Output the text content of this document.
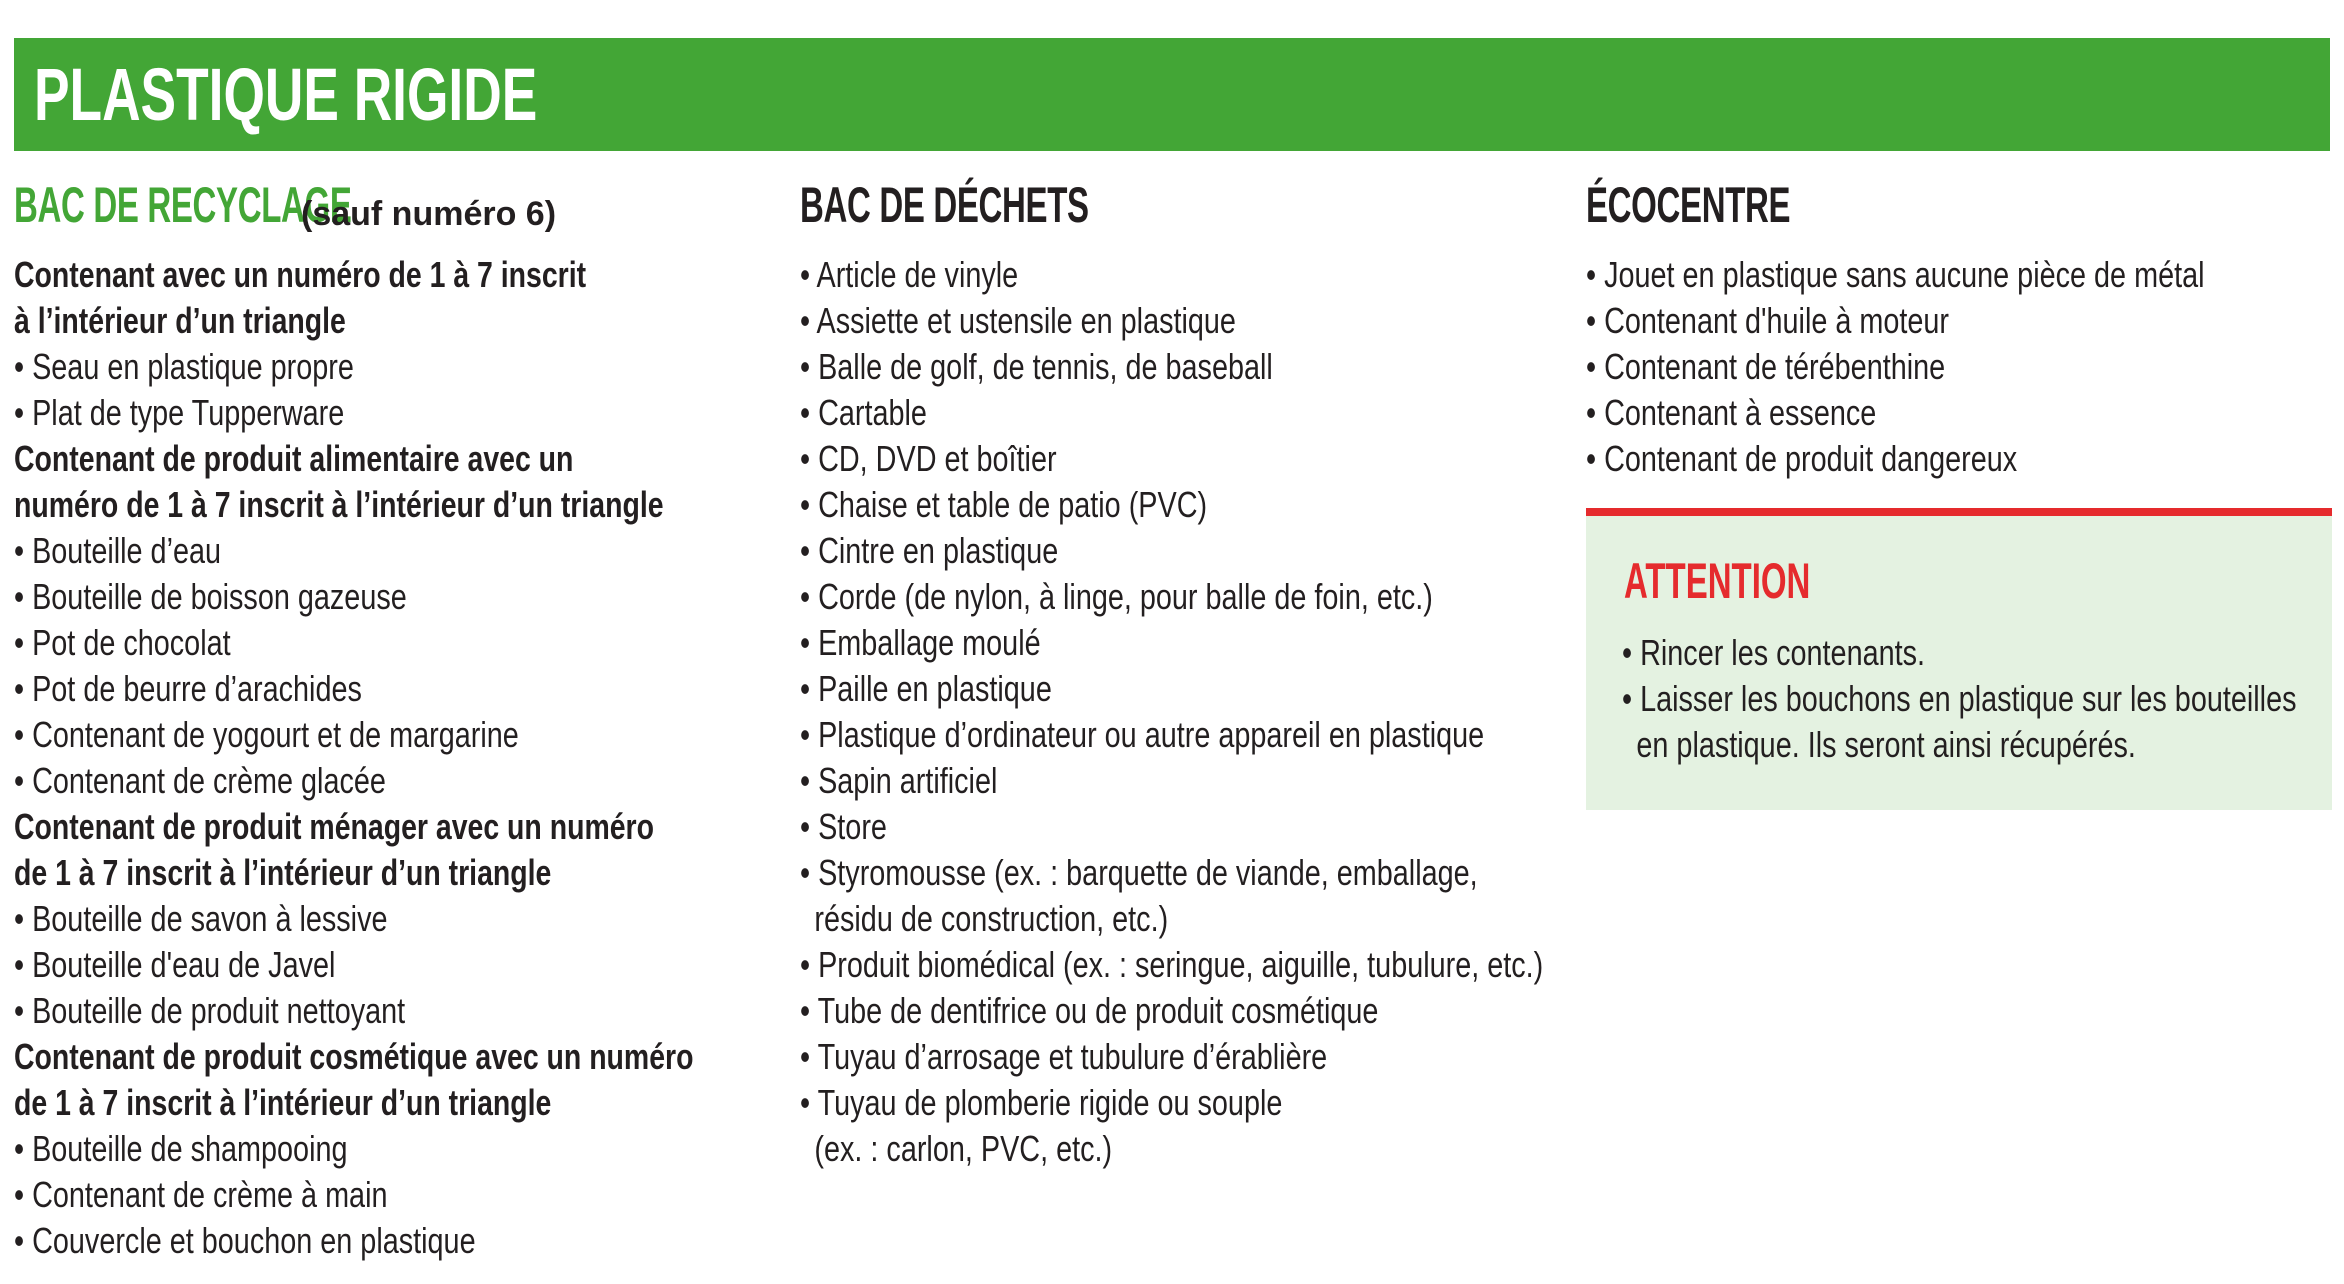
PLASTIQUE RIGIDE
BAC DE RECYCLAGE
(sauf numéro 6)
Contenant avec un numéro de 1 à 7 inscrit
à l’intérieur d’un triangle
• Seau en plastique propre
• Plat de type Tupperware
Contenant de produit alimentaire avec un
numéro de 1 à 7 inscrit à l’intérieur d’un triangle
• Bouteille d’eau
• Bouteille de boisson gazeuse
• Pot de chocolat
• Pot de beurre d’arachides
• Contenant de yogourt et de margarine
• Contenant de crème glacée
Contenant de produit ménager avec un numéro
de 1 à 7 inscrit à l’intérieur d’un triangle
• Bouteille de savon à lessive
• Bouteille d'eau de Javel
• Bouteille de produit nettoyant
Contenant de produit cosmétique avec un numéro
de 1 à 7 inscrit à l’intérieur d’un triangle
• Bouteille de shampooing
• Contenant de crème à main
• Couvercle et bouchon en plastique
BAC DE DÉCHETS
• Article de vinyle
• Assiette et ustensile en plastique
• Balle de golf, de tennis, de baseball
• Cartable
• CD, DVD et boîtier
• Chaise et table de patio (PVC)
• Cintre en plastique
• Corde (de nylon, à linge, pour balle de foin, etc.)
• Emballage moulé
• Paille en plastique
• Plastique d’ordinateur ou autre appareil en plastique
• Sapin artificiel
• Store
• Styromousse (ex. : barquette de viande, emballage,
résidu de construction, etc.)
• Produit biomédical (ex. : seringue, aiguille, tubulure, etc.)
• Tube de dentifrice ou de produit cosmétique
• Tuyau d’arrosage et tubulure d’érablière
• Tuyau de plomberie rigide ou souple
(ex. : carlon, PVC, etc.)
ÉCOCENTRE
• Jouet en plastique sans aucune pièce de métal
• Contenant d'huile à moteur
• Contenant de térébenthine
• Contenant à essence
• Contenant de produit dangereux
ATTENTION
• Rincer les contenants.
• Laisser les bouchons en plastique sur les bouteilles
en plastique. Ils seront ainsi récupérés.
